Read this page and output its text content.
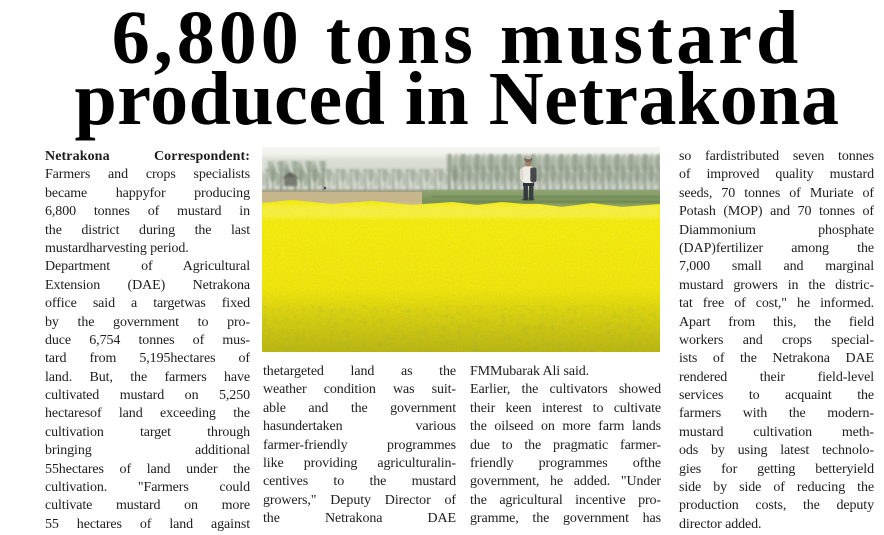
6,800 tons mustard
produced in Netrakona
Netrakona Correspondent:
Farmers and crops specialists
became happyfor producing
6,800 tonnes of mustard in
the district during the last
mustardharvesting period.
Department of Agricultural
Extension (DAE) Netrakona
office said a targetwas fixed
by the government to pro-
duce 6,754 tonnes of mus-
tard from 5,195hectares of
land. But, the farmers have
cultivated mustard on 5,250
hectaresof land exceeding the
cultivation target through
bringing additional
55hectares of land under the
cultivation. "Farmers could
cultivate mustard on more
55 hectares of land against
thetargeted land as the
weather condition was suit-
able and the government
hasundertaken various
farmer-friendly programmes
like providing agriculturalin-
centives to the mustard
growers," Deputy Director of
the Netrakona DAE
FMMubarak Ali said.
Earlier, the cultivators showed
their keen interest to cultivate
the oilseed on more farm lands
due to the pragmatic farmer-
friendly programmes ofthe
government, he added. "Under
the agricultural incentive pro-
gramme, the government has
so fardistributed seven tonnes
of improved quality mustard
seeds, 70 tonnes of Muriate of
Potash (MOP) and 70 tonnes of
Diammonium phosphate
(DAP)fertilizer among the
7,000 small and marginal
mustard growers in the distric-
tat free of cost," he informed.
Apart from this, the field
workers and crops special-
ists of the Netrakona DAE
rendered their field-level
services to acquaint the
farmers with the modern-
mustard cultivation meth-
ods by using latest technolo-
gies for getting betteryield
side by side of reducing the
production costs, the deputy
director added.
